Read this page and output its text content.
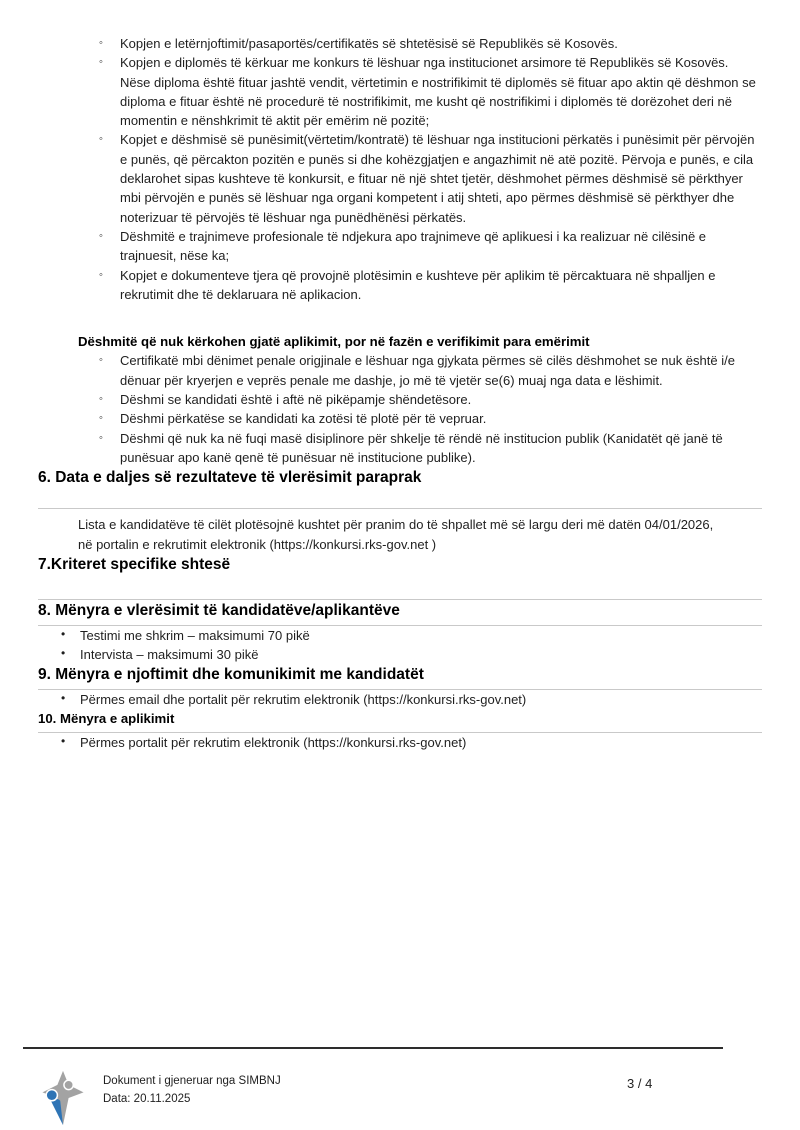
◦ Kopjen e letërnjoftimit/pasaportës/certifikatës së shtetësisë së Republikës së Kosovës.
◦ Kopjen e diplomës të kërkuar me konkurs të lëshuar nga institucionet arsimore të Republikës së Kosovës. Nëse diploma është fituar jashtë vendit, vërtetimin e nostrifikimit të diplomës së fituar apo aktin që dëshmon se diploma e fituar është në procedurë të nostrifikimit, me kusht që nostrifikimi i diplomës të dorëzohet deri në momentin e nënshkrimit të aktit për emërim në pozitë;
◦ Kopjet e dëshmisë së punësimit(vërtetim/kontratë) të lëshuar nga institucioni përkatës i punësimit për përvojën e punës, që përcakton pozitën e punës si dhe kohëzgjatjen e angazhimit në atë pozitë. Përvoja e punës, e cila deklarohet sipas kushteve të konkursit, e fituar në një shtet tjetër, dëshmohet përmes dëshmisë së përkthyer mbi përvojën e punës së lëshuar nga organi kompetent i atij shteti, apo përmes dëshmisë së përkthyer dhe noterizuar të përvojës të lëshuar nga punëdhënësi përkatës.
◦ Dëshmitë e trajnimeve profesionale të ndjekura apo trajnimeve që aplikuesi i ka realizuar në cilësinë e trajnuesit, nëse ka;
◦ Kopjet e dokumenteve tjera që provojnë plotësimin e kushteve për aplikim të përcaktuara në shpalljen e rekrutimit dhe të deklaruara në aplikacion.
Dëshmitë që nuk kërkohen gjatë aplikimit, por në fazën e verifikimit para emërimit
◦ Certifikatë mbi dënimet penale origjinale e lëshuar nga gjykata përmes së cilës dëshmohet se nuk është i/e dënuar për kryerjen e veprës penale me dashje, jo më të vjetër se(6) muaj nga data e lëshimit.
◦ Dëshmi se kandidati është i aftë në pikëpamje shëndetësore.
◦ Dëshmi përkatëse se kandidati ka zotësi të plotë për të vepruar.
◦ Dëshmi që nuk ka në fuqi masë disiplinore për shkelje të rëndë në institucion publik (Kanidatët që janë të punësuar apo kanë qenë të punësuar në institucione publike).
6. Data e daljes së rezultateve të vlerësimit paraprak

Lista e kandidatëve të cilët plotësojnë kushtet për pranim do të shpallet më së largu deri më datën 04/01/2026, në portalin e rekrutimit elektronik (https://konkursi.rks-gov.net )

7.Kriteret specifike shtesë
8. Mënyra e vlerësimit të kandidatëve/aplikantëve
• Testimi me shkrim – maksimumi 70 pikë
• Intervista – maksimumi 30 pikë
9. Mënyra e njoftimit dhe komunikimit me kandidatët
• Përmes email dhe portalit për rekrutim elektronik (https://konkursi.rks-gov.net)
10. Mënyra e aplikimit
• Përmes portalit për rekrutim elektronik (https://konkursi.rks-gov.net)
Dokument i gjeneruar nga SIMBNJ
Data: 20.11.2025
3 / 4
